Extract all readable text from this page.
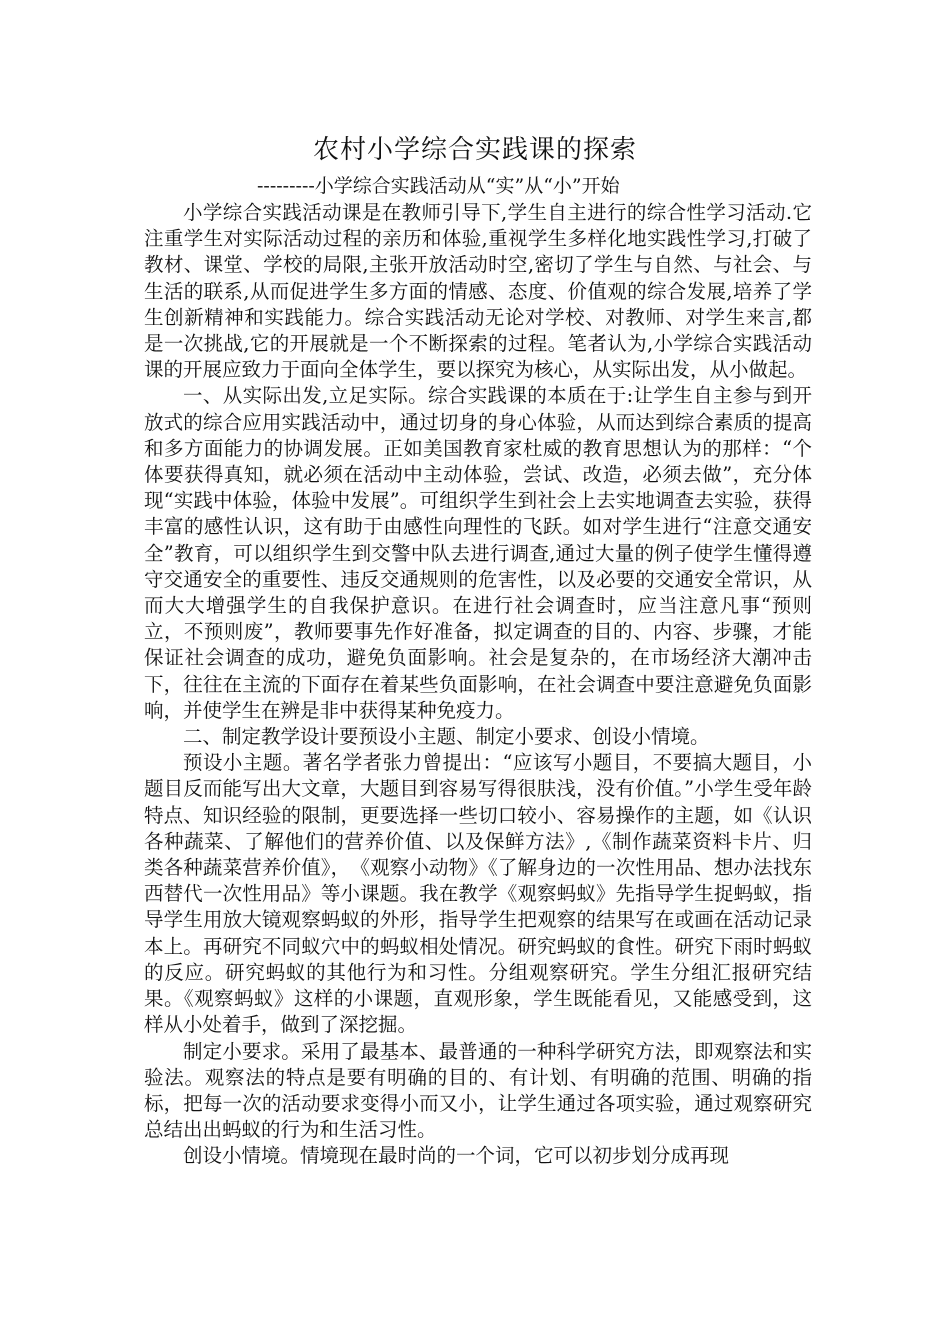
农村小学综合实践课的探索
---------小学综合实践活动从“实”从“小”开始

小学综合实践活动课是在教师引导下,学生自主进行的综合性学习活动.它注重学生对实际活动过程的亲历和体验,重视学生多样化地实践性学习,打破了教材、课堂、学校的局限,主张开放活动时空,密切了学生与自然、与社会、与生活的联系,从而促进学生多方面的情感、态度、价值观的综合发展,培养了学生创新精神和实践能力。综合实践活动无论对学校、对教师、对学生来言,都是一次挑战,它的开展就是一个不断探索的过程。笔者认为,小学综合实践活动课的开展应致力于面向全体学生，要以探究为核心，从实际出发，从小做起。

一、从实际出发,立足实际。综合实践课的本质在于:让学生自主参与到开放式的综合应用实践活动中，通过切身的身心体验，从而达到综合素质的提高和多方面能力的协调发展。正如美国教育家杜威的教育思想认为的那样：“个体要获得真知，就必须在活动中主动体验，尝试、改造，必须去做”，充分体现“实践中体验，体验中发展”。可组织学生到社会上去实地调查去实验，获得丰富的感性认识，这有助于由感性向理性的飞跃。如对学生进行“注意交通安全”教育，可以组织学生到交警中队去进行调查,通过大量的例子使学生懂得遵守交通安全的重要性、违反交通规则的危害性，以及必要的交通安全常识，从而大大增强学生的自我保护意识。在进行社会调查时，应当注意凡事“预则立，不预则废”，教师要事先作好准备，拟定调查的目的、内容、步骤，才能保证社会调查的成功，避免负面影响。社会是复杂的，在市场经济大潮冲击下，往往在主流的下面存在着某些负面影响，在社会调查中要注意避免负面影响，并使学生在辨是非中获得某种免疫力。

二、制定教学设计要预设小主题、制定小要求、创设小情境。

预设小主题。著名学者张力曾提出：“应该写小题目，不要搞大题目，小题目反而能写出大文章，大题目到容易写得很肤浅，没有价值。”小学生受年龄特点、知识经验的限制，更要选择一些切口较小、容易操作的主题，如《认识各种蔬菜、了解他们的营养价值、以及保鲜方法》,《制作蔬菜资料卡片、归类各种蔬菜营养价值》，　《观察小动物》《了解身边的一次性用品、想办法找东西替代一次性用品》等小课题。我在教学《观察蚂蚁》先指导学生捉蚂蚁，指导学生用放大镜观察蚂蚁的外形，指导学生把观察的结果写在或画在活动记录本上。再研究不同蚁穴中的蚂蚁相处情况。研究蚂蚁的食性。研究下雨时蚂蚁的反应。研究蚂蚁的其他行为和习性。分组观察研究。学生分组汇报研究结果。《观察蚂蚁》这样的小课题，直观形象，学生既能看见，又能感受到，这样从小处着手，做到了深挖掘。

制定小要求。采用了最基本、最普通的一种科学研究方法，即观察法和实验法。观察法的特点是要有明确的目的、有计划、有明确的范围、明确的指标，把每一次的活动要求变得小而又小，让学生通过各项实验，通过观察研究总结出出蚂蚁的行为和生活习性。

创设小情境。情境现在最时尚的一个词，它可以初步划分成再现
